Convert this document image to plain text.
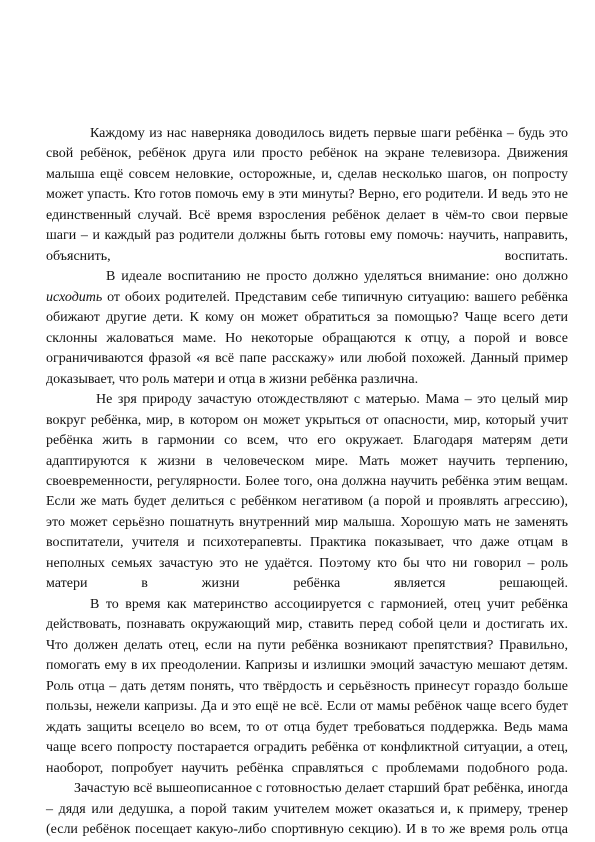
Каждому из нас наверняка доводилось видеть первые шаги ребёнка – будь это
свой ребёнок, ребёнок друга или просто ребёнок на экране телевизора. Движения
малыша ещё совсем неловкие, осторожные, и, сделав несколько шагов, он попросту
может упасть. Кто готов помочь ему в эти минуты? Верно, его родители. И ведь это не
единственный случай. Всё время взросления ребёнок делает в чём-то свои первые
шаги – и каждый раз родители должны быть готовы ему помочь: научить, направить,
объяснить, воспитать.
В идеале воспитанию не просто должно уделяться внимание: оно должно
исходить от обоих родителей. Представим себе типичную ситуацию: вашего ребёнка
обижают другие дети. К кому он может обратиться за помощью? Чаще всего дети
склонны жаловаться маме. Но некоторые обращаются к отцу, а порой и вовсе
ограничиваются фразой «я всё папе расскажу» или любой похожей. Данный пример
доказывает, что роль матери и отца в жизни ребёнка различна.
Не зря природу зачастую отождествляют с матерью. Мама – это целый мир
вокруг ребёнка, мир, в котором он может укрыться от опасности, мир, который учит
ребёнка жить в гармонии со всем, что его окружает. Благодаря матерям дети
адаптируются к жизни в человеческом мире. Мать может научить терпению,
своевременности, регулярности. Более того, она должна научить ребёнка этим вещам.
Если же мать будет делиться с ребёнком негативом (а порой и проявлять агрессию),
это может серьёзно пошатнуть внутренний мир малыша. Хорошую мать не заменять
воспитатели, учителя и психотерапевты. Практика показывает, что даже отцам в
неполных семьях зачастую это не удаётся. Поэтому кто бы что ни говорил – роль
матери в жизни ребёнка является решающей.
В то время как материнство ассоциируется с гармонией, отец учит ребёнка
действовать, познавать окружающий мир, ставить перед собой цели и достигать их.
Что должен делать отец, если на пути ребёнка возникают препятствия? Правильно,
помогать ему в их преодолении. Капризы и излишки эмоций зачастую мешают детям.
Роль отца – дать детям понять, что твёрдость и серьёзность принесут гораздо больше
пользы, нежели капризы. Да и это ещё не всё. Если от мамы ребёнок чаще всего будет
ждать защиты всецело во всем, то от отца будет требоваться поддержка. Ведь мама
чаще всего попросту постарается оградить ребёнка от конфликтной ситуации, а отец,
наоборот, попробует научить ребёнка справляться с проблемами подобного рода.
Зачастую всё вышеописанное с готовностью делает старший брат ребёнка, иногда
– дядя или дедушка, а порой таким учителем может оказаться и, к примеру, тренер
(если ребёнок посещает какую-либо спортивную секцию). И в то же время роль отца
